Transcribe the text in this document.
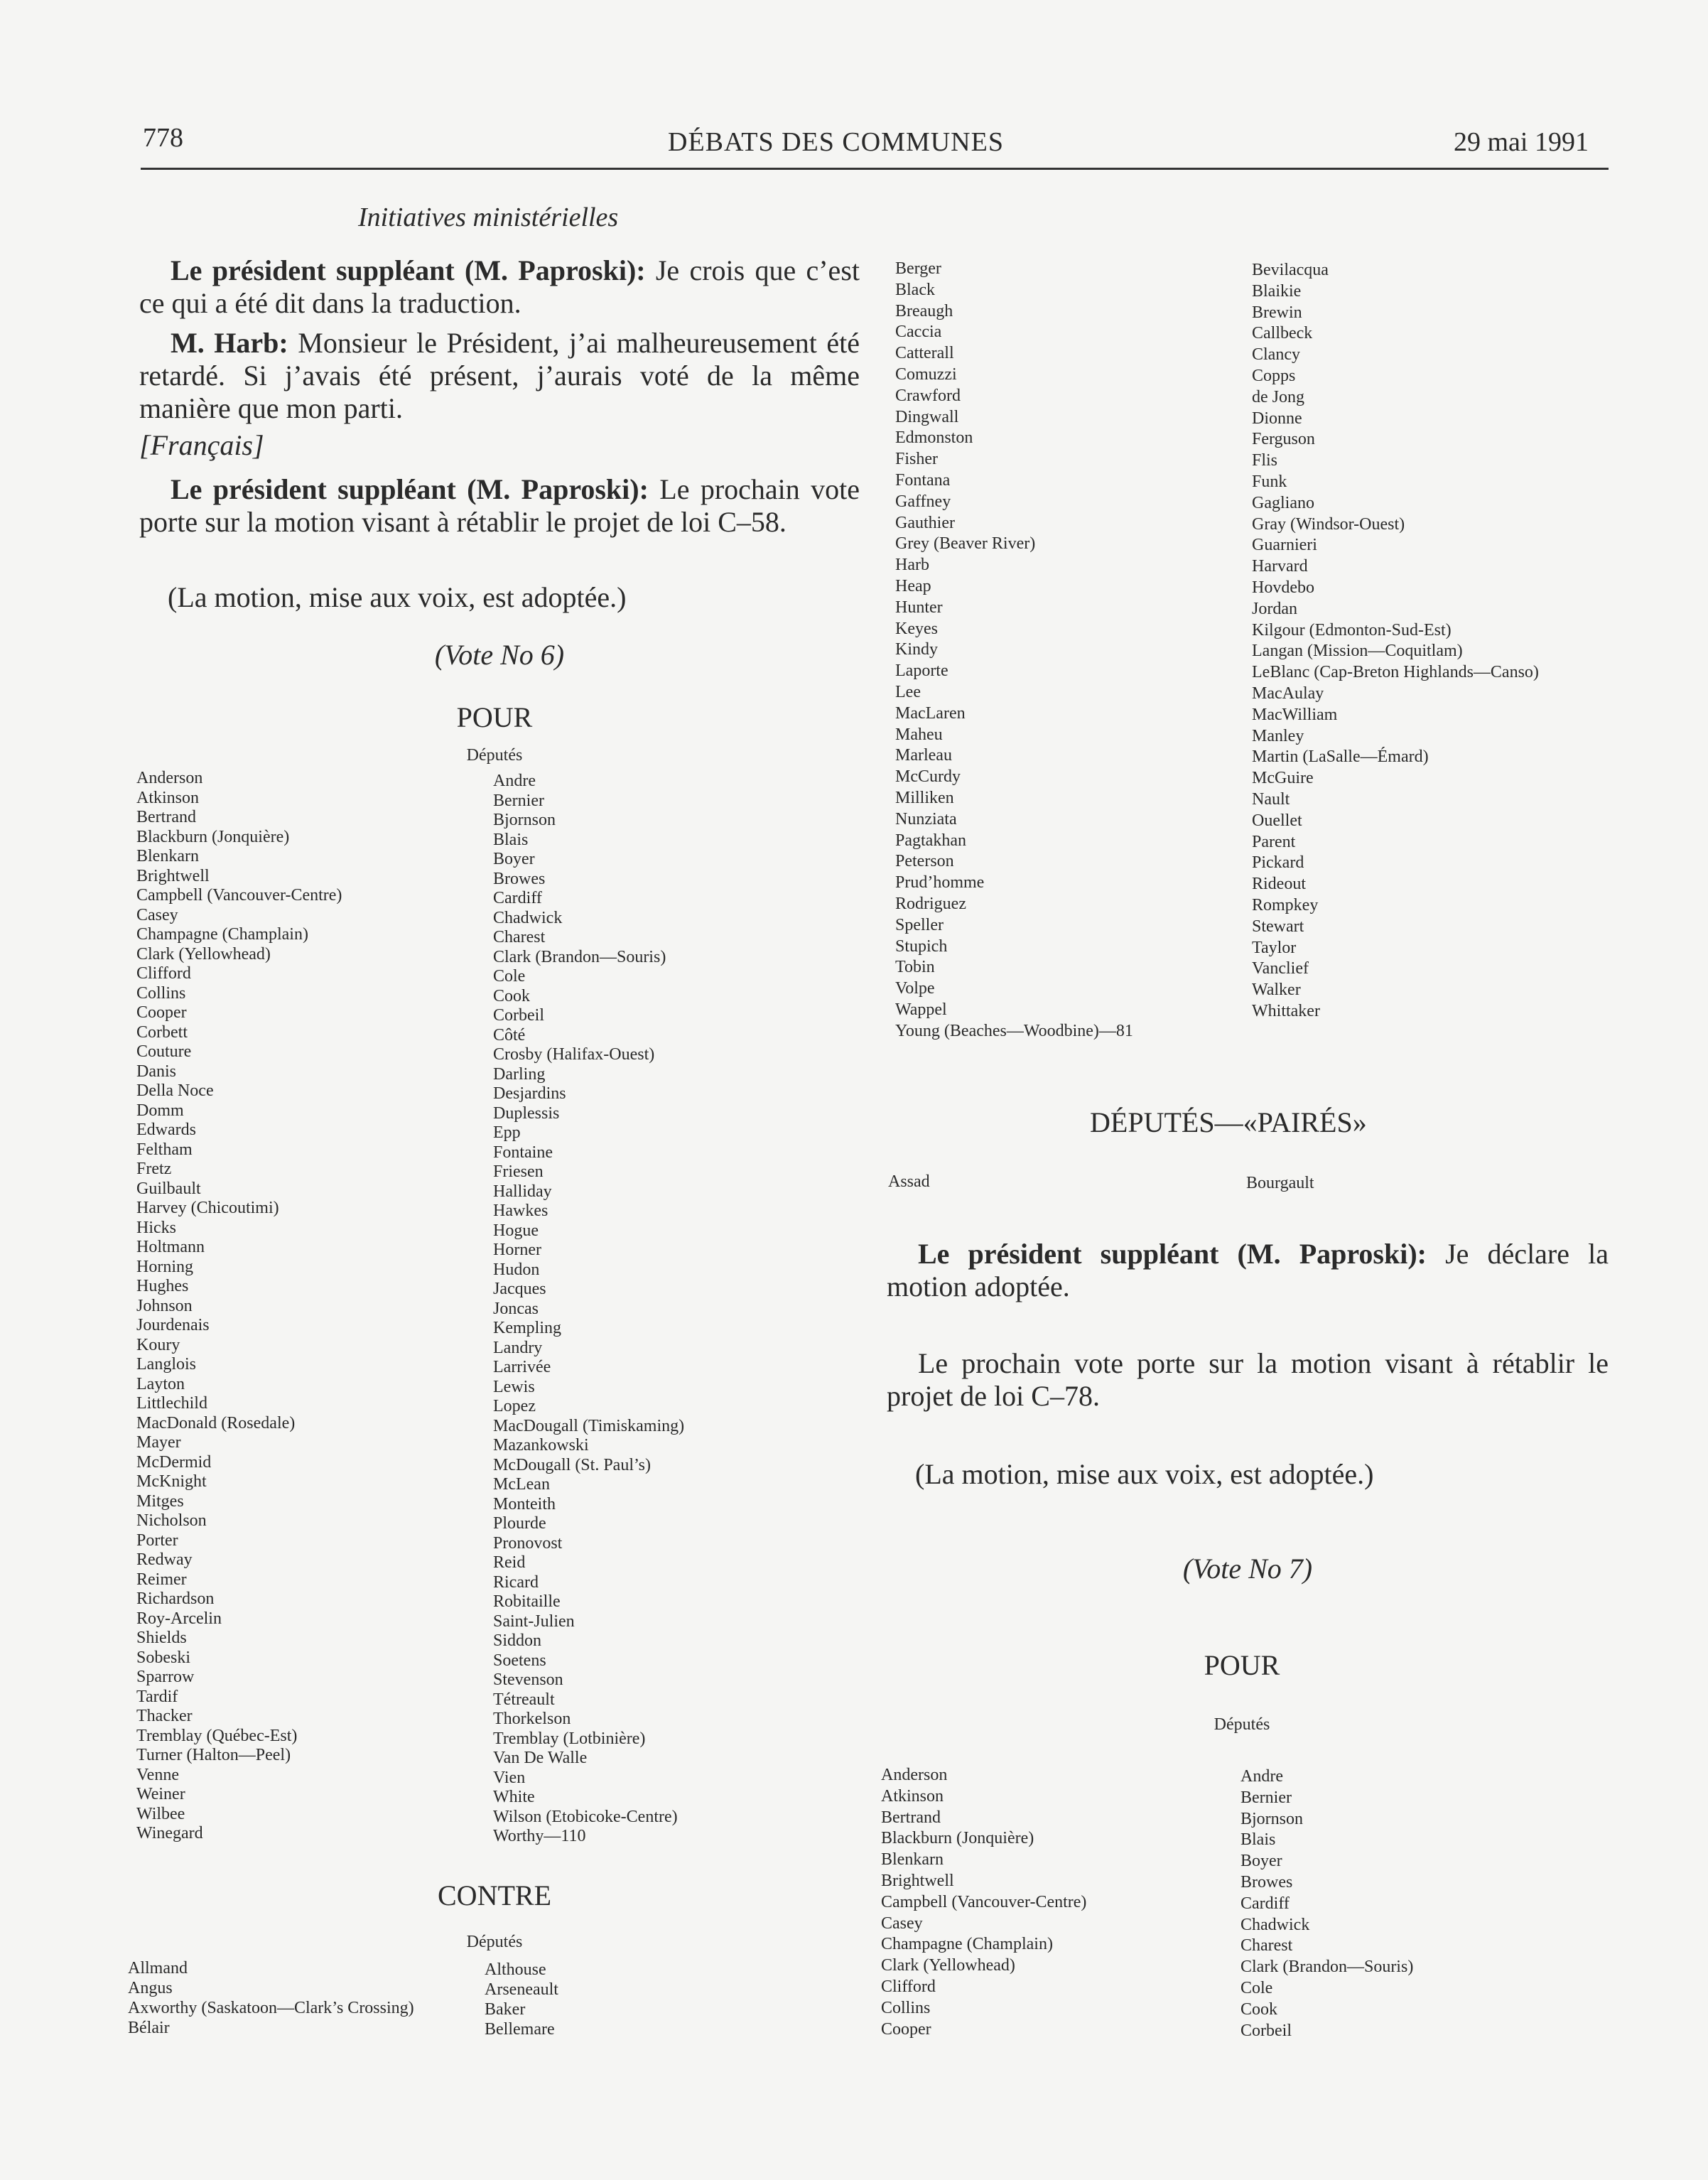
778	DÉBATS DES COMMUNES	29 mai 1991
Initiatives ministérielles
Le président suppléant (M. Paproski): Je crois que c’est ce qui a été dit dans la traduction.
M. Harb: Monsieur le Président, j’ai malheureusement été retardé. Si j’avais été présent, j’aurais voté de la même manière que mon parti.
[Français]
Le président suppléant (M. Paproski): Le prochain vote porte sur la motion visant à rétablir le projet de loi C–58.
(La motion, mise aux voix, est adoptée.)
(Vote No 6)
POUR
Députés
Anderson
Atkinson
Bertrand
Blackburn (Jonquière)
Blenkarn
Brightwell
Campbell (Vancouver-Centre)
Casey
Champagne (Champlain)
Clark (Yellowhead)
Clifford
Collins
Cooper
Corbett
Couture
Danis
Della Noce
Domm
Edwards
Feltham
Fretz
Guilbault
Harvey (Chicoutimi)
Hicks
Holtmann
Horning
Hughes
Johnson
Jourdenais
Koury
Langlois
Layton
Littlechild
MacDonald (Rosedale)
Mayer
McDermid
McKnight
Mitges
Nicholson
Porter
Redway
Reimer
Richardson
Roy-Arcelin
Shields
Sobeski
Sparrow
Tardif
Thacker
Tremblay (Québec-Est)
Turner (Halton—Peel)
Venne
Weiner
Wilbee
Winegard
Andre
Bernier
Bjornson
Blais
Boyer
Browes
Cardiff
Chadwick
Charest
Clark (Brandon—Souris)
Cole
Cook
Corbeil
Côté
Crosby (Halifax-Ouest)
Darling
Desjardins
Duplessis
Epp
Fontaine
Friesen
Halliday
Hawkes
Hogue
Horner
Hudon
Jacques
Joncas
Kempling
Landry
Larrivée
Lewis
Lopez
MacDougall (Timiskaming)
Mazankowski
McDougall (St. Paul’s)
McLean
Monteith
Plourde
Pronovost
Reid
Ricard
Robitaille
Saint-Julien
Siddon
Soetens
Stevenson
Tétreault
Thorkelson
Tremblay (Lotbinière)
Van De Walle
Vien
White
Wilson (Etobicoke-Centre)
Worthy—110
CONTRE
Députés
Allmand
Angus
Axworthy (Saskatoon—Clark’s Crossing)
Bélair
Althouse
Arseneault
Baker
Bellemare
Berger
Black
Breaugh
Caccia
Catterall
Comuzzi
Crawford
Dingwall
Edmonston
Fisher
Fontana
Gaffney
Gauthier
Grey (Beaver River)
Harb
Heap
Hunter
Keyes
Kindy
Laporte
Lee
MacLaren
Maheu
Marleau
McCurdy
Milliken
Nunziata
Pagtakhan
Peterson
Prud’homme
Rodriguez
Speller
Stupich
Tobin
Volpe
Wappel
Young (Beaches—Woodbine)—81
Bevilacqua
Blaikie
Brewin
Callbeck
Clancy
Copps
de Jong
Dionne
Ferguson
Flis
Funk
Gagliano
Gray (Windsor-Ouest)
Guarnieri
Harvard
Hovdebo
Jordan
Kilgour (Edmonton-Sud-Est)
Langan (Mission—Coquitlam)
LeBlanc (Cap-Breton Highlands—Canso)
MacAulay
MacWilliam
Manley
Martin (LaSalle—Émard)
McGuire
Nault
Ouellet
Parent
Pickard
Rideout
Rompkey
Stewart
Taylor
Vanclief
Walker
Whittaker
DÉPUTÉS—«PAIRÉS»
Assad	Bourgault
Le président suppléant (M. Paproski): Je déclare la motion adoptée.
Le prochain vote porte sur la motion visant à rétablir le projet de loi C–78.
(La motion, mise aux voix, est adoptée.)
(Vote No 7)
POUR
Députés
Anderson
Atkinson
Bertrand
Blackburn (Jonquière)
Blenkarn
Brightwell
Campbell (Vancouver-Centre)
Casey
Champagne (Champlain)
Clark (Yellowhead)
Clifford
Collins
Cooper
Andre
Bernier
Bjornson
Blais
Boyer
Browes
Cardiff
Chadwick
Charest
Clark (Brandon—Souris)
Cole
Cook
Corbeil
